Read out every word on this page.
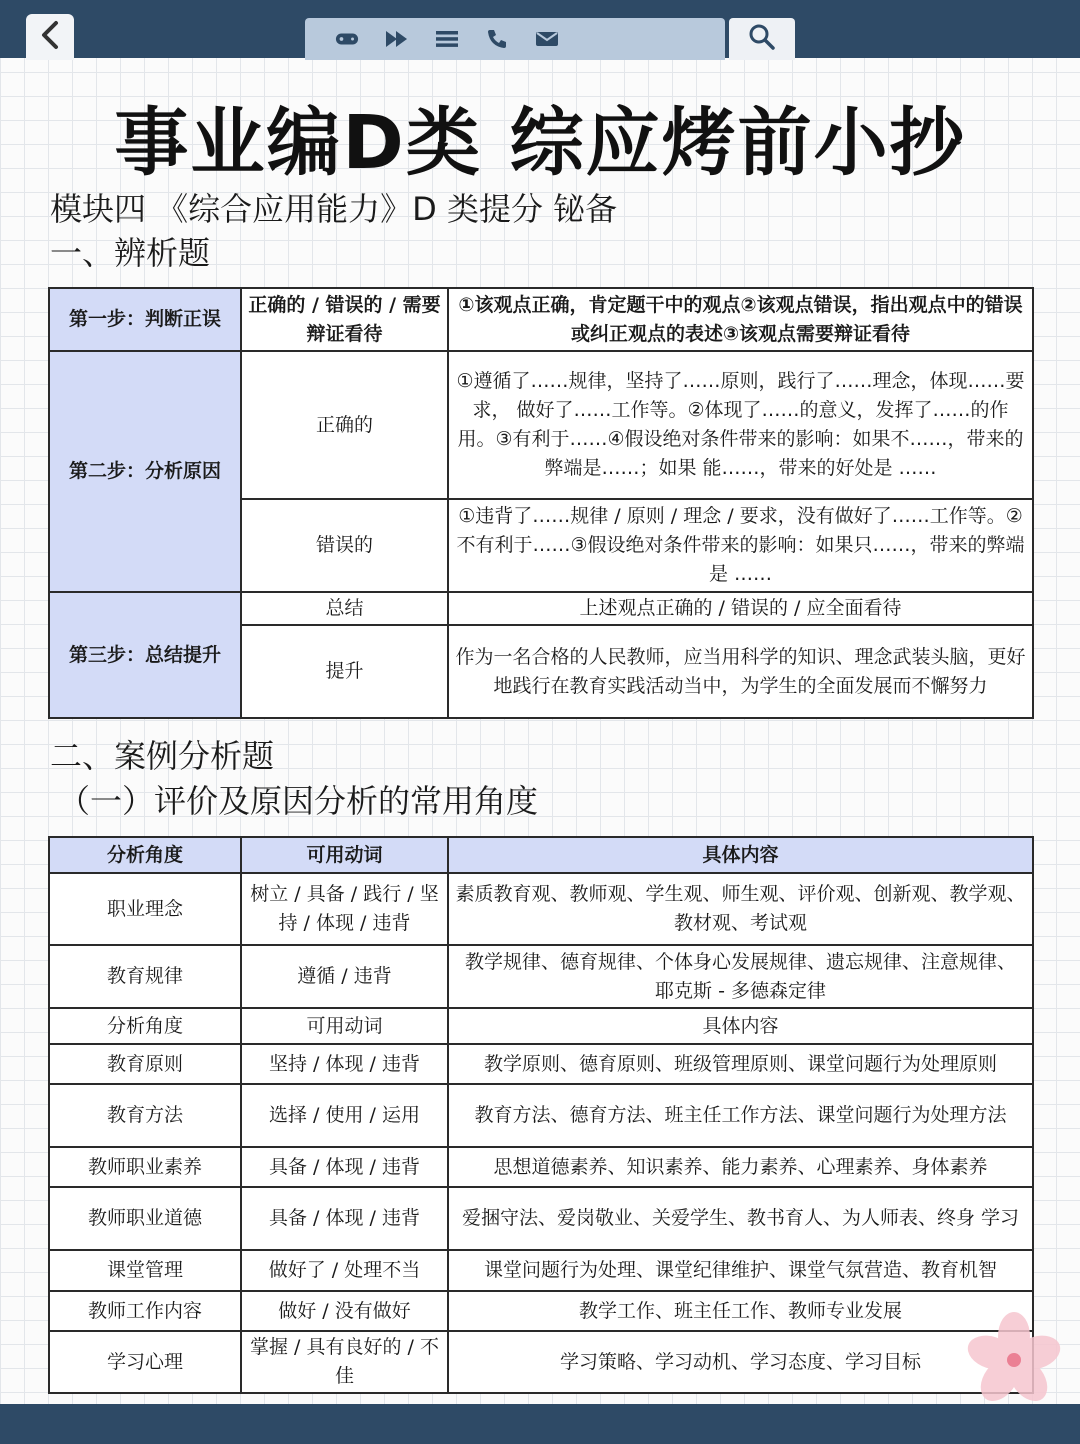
事业编D类 综应烤前小抄
模块四 《综合应用能力》D 类提分 铋备
一、辨析题
第一步：判断正误	正确的 / 错误的 / 需要辩证看待	①该观点正确，肯定题干中的观点②该观点错误，指出观点中的错误或纠正观点的表述③该观点需要辩证看待
第二步：分析原因	正确的	①遵循了……规律，坚持了……原则，践行了……理念，体现……要求， 做好了……工作等。②体现了……的意义，发挥了……的作用。③有利于……④假设绝对条件带来的影响：如果不……，带来的弊端是……；如果 能……，带来的好处是 ……
	错误的	①违背了……规律 / 原则 / 理念 / 要求，没有做好了……工作等。②不有利于……③假设绝对条件带来的影响：如果只……，带来的弊端是 ……
第三步：总结提升	总结	上述观点正确的 / 错误的 / 应全面看待
	提升	作为一名合格的人民教师，应当用科学的知识、理念武装头脑，更好 地践行在教育实践活动当中，为学生的全面发展而不懈努力
二、案例分析题
（一）评价及原因分析的常用角度
分析角度	可用动词	具体内容
职业理念	树立 / 具备 / 践行 / 坚持 / 体现 / 违背	素质教育观、教师观、学生观、师生观、评价观、创新观、教学观、 教材观、考试观
教育规律	遵循 / 违背	教学规律、德育规律、个体身心发展规律、遗忘规律、注意规律、 耶克斯 - 多德森定律
分析角度	可用动词	具体内容
教育原则	坚持 / 体现 / 违背	教学原则、德育原则、班级管理原则、课堂问题行为处理原则
教育方法	选择 / 使用 / 运用	教育方法、德育方法、班主任工作方法、课堂问题行为处理方法
教师职业素养	具备 / 体现 / 违背	思想道德素养、知识素养、能力素养、心理素养、身体素养
教师职业道德	具备 / 体现 / 违背	爱捆守法、爱岗敬业、关爱学生、教书育人、为人师表、终身 学习
课堂管理	做好了 / 处理不当	课堂问题行为处理、课堂纪律维护、课堂气氛营造、教育机智
教师工作内容	做好 / 没有做好	教学工作、班主任工作、教师专业发展
学习心理	掌握 / 具有良好的 / 不佳	学习策略、学习动机、学习态度、学习目标
